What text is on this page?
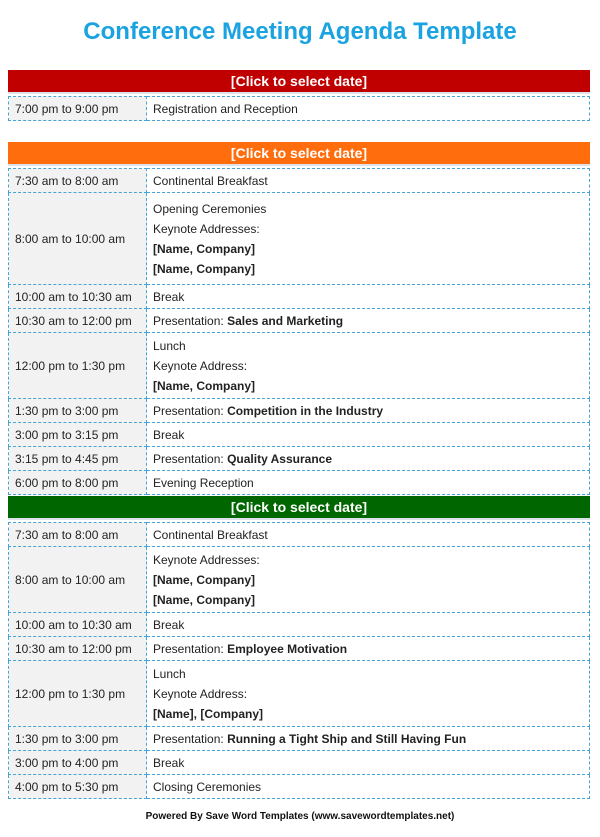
Conference Meeting Agenda Template
[Click to select date]
7:00 pm to 9:00 pm	Registration and Reception
[Click to select date]
7:30 am to 8:00 am	Continental Breakfast
8:00 am to 10:00 am	Opening Ceremonies
Keynote Addresses:
[Name, Company]
[Name, Company]

10:00 am to 10:30 am	Break
10:30 am to 12:00 pm	Presentation: Sales and Marketing
12:00 pm to 1:30 pm	Lunch
Keynote Address:
[Name, Company]

1:30 pm to 3:00 pm	Presentation: Competition in the Industry
3:00 pm to 3:15 pm	Break
3:15 pm to 4:45 pm	Presentation: Quality Assurance
6:00 pm to 8:00 pm	Evening Reception
[Click to select date]
7:30 am to 8:00 am	Continental Breakfast
8:00 am to 10:00 am	Keynote Addresses:
[Name, Company]
[Name, Company]

10:00 am to 10:30 am	Break
10:30 am to 12:00 pm	Presentation: Employee Motivation
12:00 pm to 1:30 pm	Lunch
Keynote Address:
[Name], [Company]

1:30 pm to 3:00 pm	Presentation: Running a Tight Ship and Still Having Fun
3:00 pm to 4:00 pm	Break
4:00 pm to 5:30 pm	Closing Ceremonies
Powered By Save Word Templates (www.savewordtemplates.net)
